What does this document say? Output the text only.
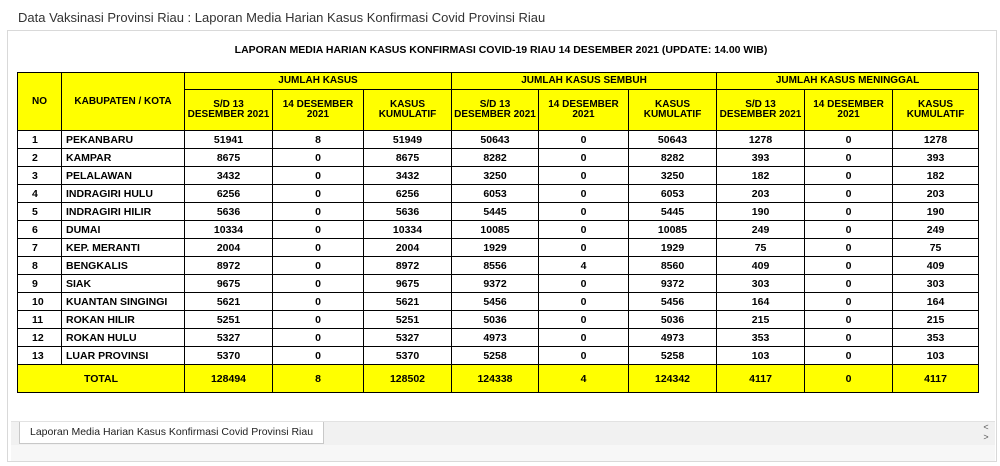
Data Vaksinasi Provinsi Riau : Laporan Media Harian Kasus Konfirmasi Covid Provinsi Riau
LAPORAN MEDIA HARIAN KASUS KONFIRMASI COVID-19 RIAU 14 DESEMBER 2021 (UPDATE: 14.00 WIB)
NO	KABUPATEN / KOTA	JUMLAH KASUS			JUMLAH KASUS SEMBUH			JUMLAH KASUS MENINGGAL		
		S/D 13 DESEMBER 2021	14 DESEMBER 2021	KASUS KUMULATIF	S/D 13 DESEMBER 2021	14 DESEMBER 2021	KASUS KUMULATIF	S/D 13 DESEMBER 2021	14 DESEMBER 2021	KASUS KUMULATIF
1	PEKANBARU	51941	8	51949	50643	0	50643	1278	0	1278
2	KAMPAR	8675	0	8675	8282	0	8282	393	0	393
3	PELALAWAN	3432	0	3432	3250	0	3250	182	0	182
4	INDRAGIRI HULU	6256	0	6256	6053	0	6053	203	0	203
5	INDRAGIRI HILIR	5636	0	5636	5445	0	5445	190	0	190
6	DUMAI	10334	0	10334	10085	0	10085	249	0	249
7	KEP. MERANTI	2004	0	2004	1929	0	1929	75	0	75
8	BENGKALIS	8972	0	8972	8556	4	8560	409	0	409
9	SIAK	9675	0	9675	9372	0	9372	303	0	303
10	KUANTAN SINGINGI	5621	0	5621	5456	0	5456	164	0	164
11	ROKAN HILIR	5251	0	5251	5036	0	5036	215	0	215
12	ROKAN HULU	5327	0	5327	4973	0	4973	353	0	353
13	LUAR PROVINSI	5370	0	5370	5258	0	5258	103	0	103
TOTAL		128494	8	128502	124338	4	124342	4117	0	4117
Laporan Media Harian Kasus Konfirmasi Covid Provinsi Riau	<
>
